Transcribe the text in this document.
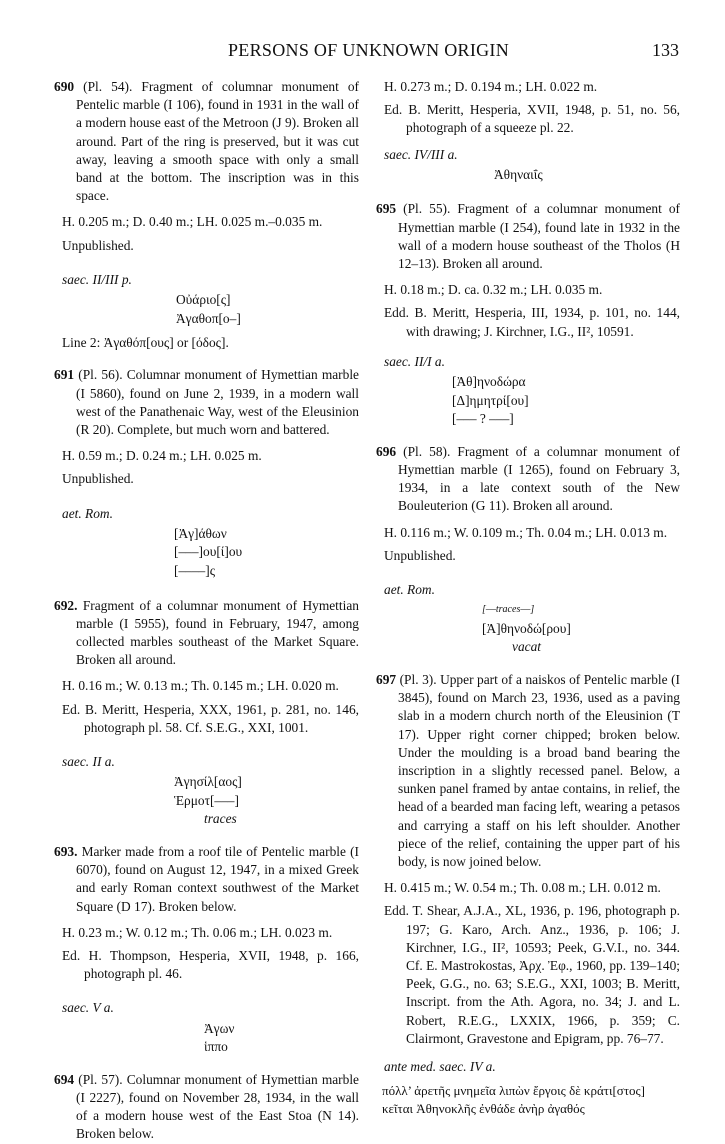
PERSONS OF UNKNOWN ORIGIN	133

690 (Pl. 54). Fragment of columnar monument of Pentelic marble (I 106), found in 1931 in the wall of a modern house east of the Metroon (J 9). Broken all around. Part of the ring is preserved, but it was cut away, leaving a smooth space with only a small band at the bottom. The inscription was in this space.

H. 0.205 m.; D. 0.40 m.; LH. 0.025 m.–0.035 m.

Unpublished.

saec. II/III p.

Οὐάριο[ς]
Ἀγαθοπ[ο–]

Line 2: Ἀγαθόπ[ους] or [όδος].

691 (Pl. 56). Columnar monument of Hymettian marble (I 5860), found on June 2, 1939, in a modern wall west of the Panathenaic Way, west of the Eleusinion (R 20). Complete, but much worn and battered.

H. 0.59 m.; D. 0.24 m.; LH. 0.025 m.

Unpublished.

aet. Rom.

[Ἀγ]άθων
[–––]ου[ί]ου
[––––]ς

692. Fragment of a columnar monument of Hymettian marble (I 5955), found in February, 1947, among collected marbles southeast of the Market Square. Broken all around.

H. 0.16 m.; W. 0.13 m.; Th. 0.145 m.; LH. 0.020 m.

Ed. B. Meritt, Hesperia, XXX, 1961, p. 281, no. 146, photograph pl. 58. Cf. S.E.G., XXI, 1001.

saec. II a.

Ἀγησίλ[αος]
Ἑρμοτ[–––]
traces

693. Marker made from a roof tile of Pentelic marble (I 6070), found on August 12, 1947, in a mixed Greek and early Roman context southwest of the Market Square (D 17). Broken below.

H. 0.23 m.; W. 0.12 m.; Th. 0.06 m.; LH. 0.023 m.

Ed. H. Thompson, Hesperia, XVII, 1948, p. 166, photograph pl. 46.

saec. V a.

Ἀγων
ἱππο

694 (Pl. 57). Columnar monument of Hymettian marble (I 2227), found on November 28, 1934, in the wall of a modern house west of the East Stoa (N 14). Broken below.

H. 0.273 m.; D. 0.194 m.; LH. 0.022 m.

Ed. B. Meritt, Hesperia, XVII, 1948, p. 51, no. 56, photograph of a squeeze pl. 22.

saec. IV/III a.

Ἀθηναιΐς

695 (Pl. 55). Fragment of a columnar monument of Hymettian marble (I 254), found late in 1932 in the wall of a modern house southeast of the Tholos (H 12–13). Broken all around.

H. 0.18 m.; D. ca. 0.32 m.; LH. 0.035 m.

Edd. B. Meritt, Hesperia, III, 1934, p. 101, no. 144, with drawing; J. Kirchner, I.G., II², 10591.

saec. II/I a.

[Ἀθ]ηνοδώρα
[Δ]ημητρί[ου]
[––– ? –––]

696 (Pl. 58). Fragment of a columnar monument of Hymettian marble (I 1265), found on February 3, 1934, in a late context south of the New Bouleuterion (G 11). Broken all around.

H. 0.116 m.; W. 0.109 m.; Th. 0.04 m.; LH. 0.013 m.

Unpublished.

aet. Rom.

[––traces––]
[Ἀ]θηνοδώ[ρου]
vacat

697 (Pl. 3). Upper part of a naiskos of Pentelic marble (I 3845), found on March 23, 1936, used as a paving slab in a modern church north of the Eleusinion (T 17). Upper right corner chipped; broken below. Under the moulding is a broad band bearing the inscription in a slightly recessed panel. Below, a sunken panel framed by antae contains, in relief, the head of a bearded man facing left, wearing a petasos and carrying a staff on his left shoulder. Another piece of the relief, containing the upper part of his body, is now joined below.

H. 0.415 m.; W. 0.54 m.; Th. 0.08 m.; LH. 0.012 m.

Edd. T. Shear, A.J.A., XL, 1936, p. 196, photograph p. 197; G. Karo, Arch. Anz., 1936, p. 106; J. Kirchner, I.G., II², 10593; Peek, G.V.I., no. 344. Cf. E. Mastrokostas, Ἀρχ. Ἐφ., 1960, pp. 139–140; Peek, G.G., no. 63; S.E.G., XXI, 1003; B. Meritt, Inscript. from the Ath. Agora, no. 34; J. and L. Robert, R.E.G., LXXIX, 1966, p. 359; C. Clairmont, Gravestone and Epigram, pp. 76–77.

ante med. saec. IV a.

πόλλ’ ἀρετῆς μνημεῖα λιπὼν ἔργοις δὲ κράτι[στος]
κεῖται Ἀθηνοκλῆς ἐνθάδε ἀνὴρ ἀγαθός
